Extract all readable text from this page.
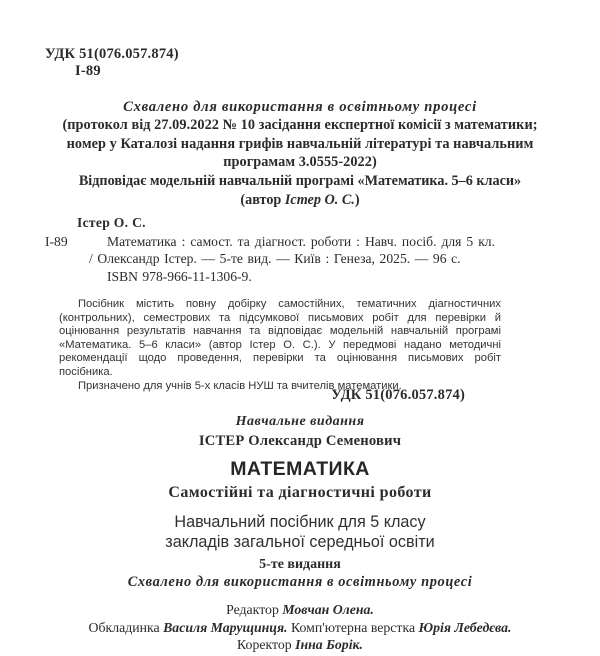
УДК 51(076.057.874)
I-89
Схвалено для використання в освітньому процесі
(протокол від 27.09.2022 № 10 засідання експертної комісії з математики;
номер у Каталозі надання грифів навчальній літературі та навчальним
програмам 3.0555-2022)
Відповідає модельній навчальній програмі «Математика. 5–6 класи»
(автор Істер О. С.)
Істер О. С.
I-89	Математика : самост. та діагност. роботи : Навч. посіб. для 5 кл. / Олександр Істер. — 5-те вид. — Київ : Генеза, 2025. — 96 с.
ISBN 978-966-11-1306-9.

Посібник містить повну добірку самостійних, тематичних діагностичних (контрольних), семестрових та підсумкової письмових робіт для перевірки й оцінювання результатів навчання та відповідає модельній навчальній програмі «Математика. 5–6 класи» (автор Істер О. С.). У передмові надано методичні рекомендації щодо проведення, перевірки та оцінювання письмових робіт посібника.

Призначено для учнів 5-х класів НУШ та вчителів математики.

УДК 51(076.057.874)
Навчальне видання
ІСТЕР Олександр Семенович
МАТЕМАТИКА
Самостійні та діагностичні роботи
Навчальний посібник для 5 класу
закладів загальної середньої освіти
5-те видання
Схвалено для використання в освітньому процесі
Редактор Мовчан Олена.
Обкладинка Василя Марущинця. Комп'ютерна верстка Юрія Лебедєва.
Коректор Інна Борік.
